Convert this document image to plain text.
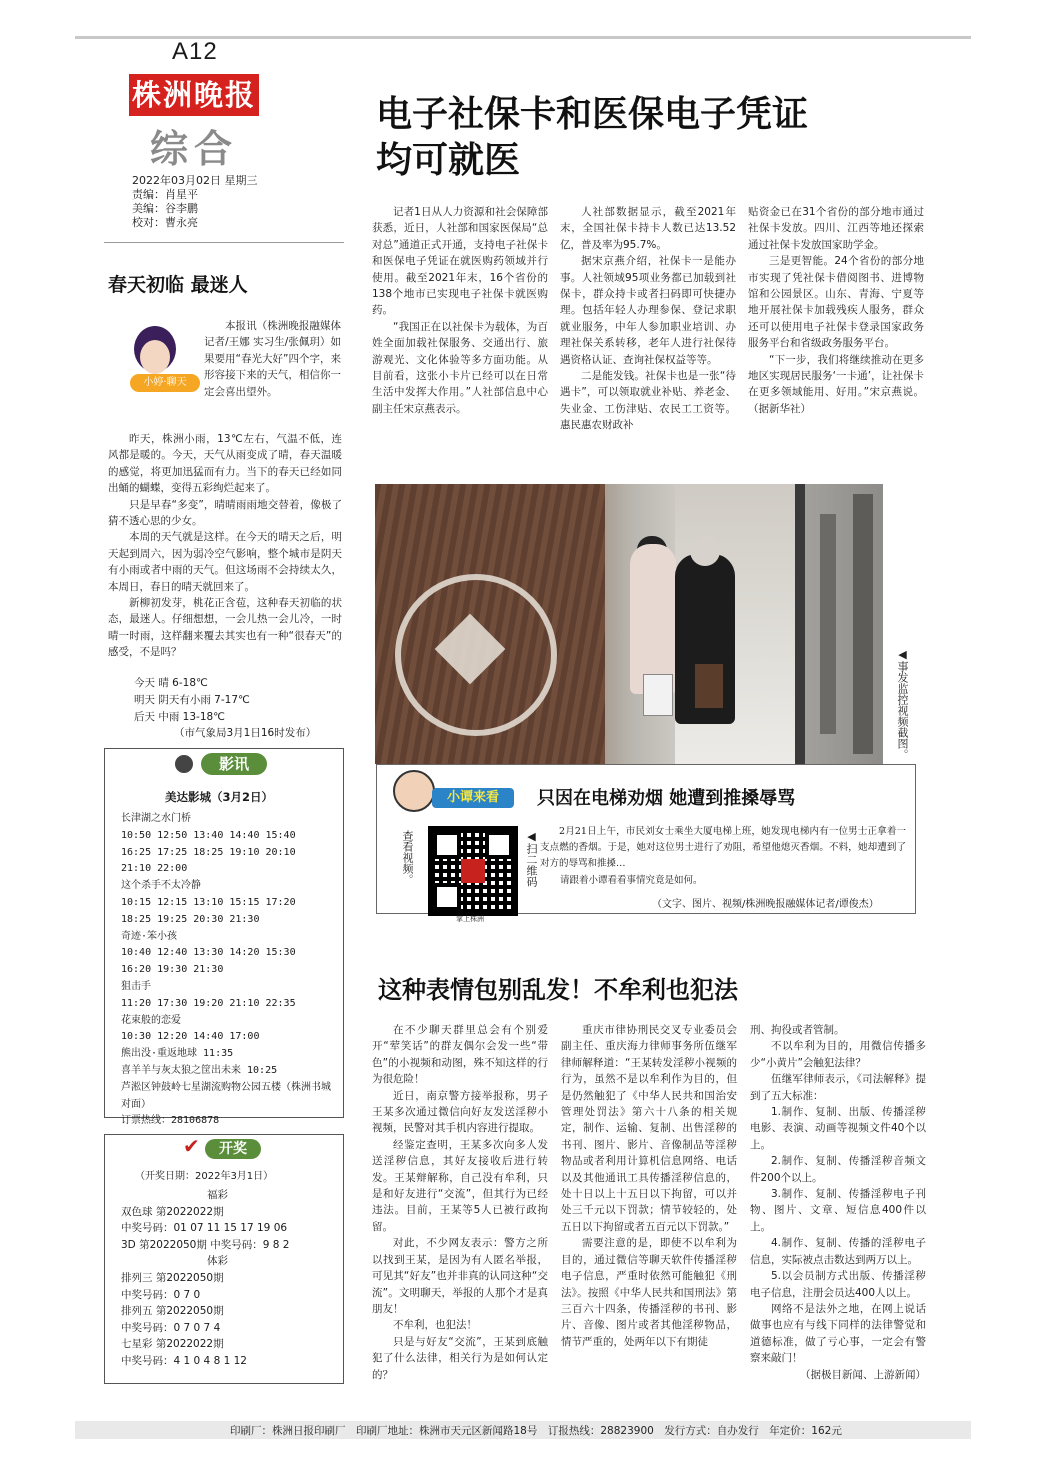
A12
株洲晚报
综合
2022年03月02日 星期三
责编：肖星平
美编：谷李鹏
校对：曹永亮
春天初临 最迷人
小婷·聊天

本报讯（株洲晚报融媒体记者/王娜 实习生/张佩玥）如果要用“春光大好”四个字，来形容接下来的天气，相信你一定会喜出望外。

昨天，株洲小雨，13℃左右，气温不低，连风都是暖的。今天，天气从雨变成了晴，春天温暖的感觉，将更加迅猛而有力。当下的春天已经如同出蛹的蝴蝶，变得五彩绚烂起来了。

只是早春“多变”，晴晴雨雨地交替着，像极了猜不透心思的少女。

本周的天气就是这样。在今天的晴天之后，明天起到周六，因为弱冷空气影响，整个城市是阴天有小雨或者中雨的天气。但这场雨不会持续太久，本周日，春日的晴天就回来了。

新柳初发芽，桃花正含苞，这种春天初临的状态，最迷人。仔细想想，一会儿热一会儿冷，一时晴一时雨，这样翻来覆去其实也有一种“很春天”的感受，不是吗？

今天 晴 6-18℃
明天 阴天有小雨 7-17℃
后天 中雨 13-18℃
（市气象局3月1日16时发布）
影讯
美达影城（3月2日）
长津湖之水门桥
10:50 12:50 13:40 14:40 15:40
16:25 17:25 18:25 19:10 20:10
21:10 22:00
这个杀手不太冷静
10:15 12:15 13:10 15:15 17:20
18:25 19:25 20:30 21:30
奇迹·笨小孩
10:40 12:40 13:30 14:20 15:30
16:20 19:30 21:30
狙击手
11:20 17:30 19:20 21:10 22:35
花束般的恋爱
10:30 12:20 14:40 17:00
熊出没·重返地球 11:35
喜羊羊与灰太狼之筐出未来 10:25
芦淞区钟鼓岭七星湖流购物公园五楼（株洲书城对面）
订票热线：28106878
✔	开奖
（开奖日期：2022年3月1日）
福彩
双色球 第2022022期
中奖号码：01 07 11 15 17 19 06
3D 第2022050期 中奖号码：9 8 2
体彩
排列三 第2022050期
中奖号码：0 7 0
排列五 第2022050期
中奖号码：0 7 0 7 4
七星彩 第2022022期
中奖号码：4 1 0 4 8 1 12
电子社保卡和医保电子凭证
均可就医

记者1日从人力资源和社会保障部获悉，近日，人社部和国家医保局“总对总”通道正式开通，支持电子社保卡和医保电子凭证在就医购药领域并行使用。截至2021年末，16个省份的138个地市已实现电子社保卡就医购药。

“我国正在以社保卡为载体，为百姓全面加载社保服务、交通出行、旅游观光、文化体验等多方面功能。从目前看，这张小卡片已经可以在日常生活中发挥大作用。”人社部信息中心副主任宋京燕表示。

人社部数据显示，截至2021年末，全国社保卡持卡人数已达13.52亿，普及率为95.7%。

据宋京燕介绍，社保卡一是能办事。人社领域95项业务都已加载到社保卡，群众持卡或者扫码即可快捷办理。包括年轻人办理参保、登记求职就业服务，中年人参加职业培训、办理社保关系转移，老年人进行社保待遇资格认证、查询社保权益等等。

二是能发钱。社保卡也是一张“待遇卡”，可以领取就业补贴、养老金、失业金、工伤津贴、农民工工资等。惠民惠农财政补

贴资金已在31个省份的部分地市通过社保卡发放。四川、江西等地还探索通过社保卡发放国家助学金。

三是更智能。24个省份的部分地市实现了凭社保卡借阅图书、进博物馆和公园景区。山东、青海、宁夏等地开展社保卡加载残疾人服务，群众还可以使用电子社保卡登录国家政务服务平台和省级政务服务平台。

“下一步，我们将继续推动在更多地区实现居民服务‘一卡通’，让社保卡在更多领域能用、好用。”宋京燕说。（据新华社）

◀事发监控视频截图。
小谭来看	只因在电梯劝烟 她遭到推搡辱骂
查看视频。
掌上株洲
◀扫二维码	2月21日上午，市民刘女士乘坐大厦电梯上班，她发现电梯内有一位男士正拿着一支点燃的香烟。于是，她对这位男士进行了劝阻，希望他熄灭香烟。不料，她却遭到了对方的辱骂和推搡…
请跟着小谭看看事情究竟是如何。
（文字、图片、视频/株洲晚报融媒体记者/谭俊杰）
这种表情包别乱发！不牟利也犯法

在不少聊天群里总会有个别爱开“荤笑话”的群友偶尔会发一些“带色”的小视频和动图，殊不知这样的行为很危险！

近日，南京警方接举报称，男子王某多次通过微信向好友发送淫秽小视频，民警对其手机内容进行提取。

经鉴定查明，王某多次向多人发送淫秽信息，其好友接收后进行转发。王某辩解称，自己没有牟利，只是和好友进行“交流”，但其行为已经违法。目前，王某等5人已被行政拘留。

对此，不少网友表示：警方之所以找到王某，是因为有人匿名举报，可见其“好友”也并非真的认同这种“交流”。文明聊天，举报的人那个才是真朋友！

不牟利，也犯法！

只是与好友“交流”，王某到底触犯了什么法律，相关行为是如何认定的？

重庆市律协刑民交叉专业委员会副主任、重庆海力律师事务所伍继军律师解释道：“王某转发淫秽小视频的行为，虽然不是以牟利作为目的，但是仍然触犯了《中华人民共和国治安管理处罚法》第六十八条的相关规定，制作、运输、复制、出售淫秽的书刊、图片、影片、音像制品等淫秽物品或者利用计算机信息网络、电话以及其他通讯工具传播淫秽信息的，处十日以上十五日以下拘留，可以并处三千元以下罚款；情节较轻的，处五日以下拘留或者五百元以下罚款。”

需要注意的是，即使不以牟利为目的，通过微信等聊天软件传播淫秽电子信息，严重时依然可能触犯《刑法》。按照《中华人民共和国刑法》第三百六十四条，传播淫秽的书刊、影片、音像、图片或者其他淫秽物品，情节严重的，处两年以下有期徒

刑、拘役或者管制。

不以牟利为目的，用微信传播多少“小黄片”会触犯法律？

伍继军律师表示，《司法解释》提到了五大标准：

1.制作、复制、出版、传播淫秽电影、表演、动画等视频文件40个以上。

2.制作、复制、传播淫秽音频文件200个以上。

3.制作、复制、传播淫秽电子刊物、图片、文章、短信息400件以上。

4.制作、复制、传播的淫秽电子信息，实际被点击数达到两万以上。

5.以会员制方式出版、传播淫秽电子信息，注册会员达400人以上。

网络不是法外之地，在网上说话做事也应有与线下同样的法律警觉和道德标准，做了亏心事，一定会有警察来敲门！

（据极目新闻、上游新闻）

印刷厂：株洲日报印刷厂　印刷厂地址：株洲市天元区新闻路18号　订报热线：28823900　发行方式：自办发行　年定价：162元
